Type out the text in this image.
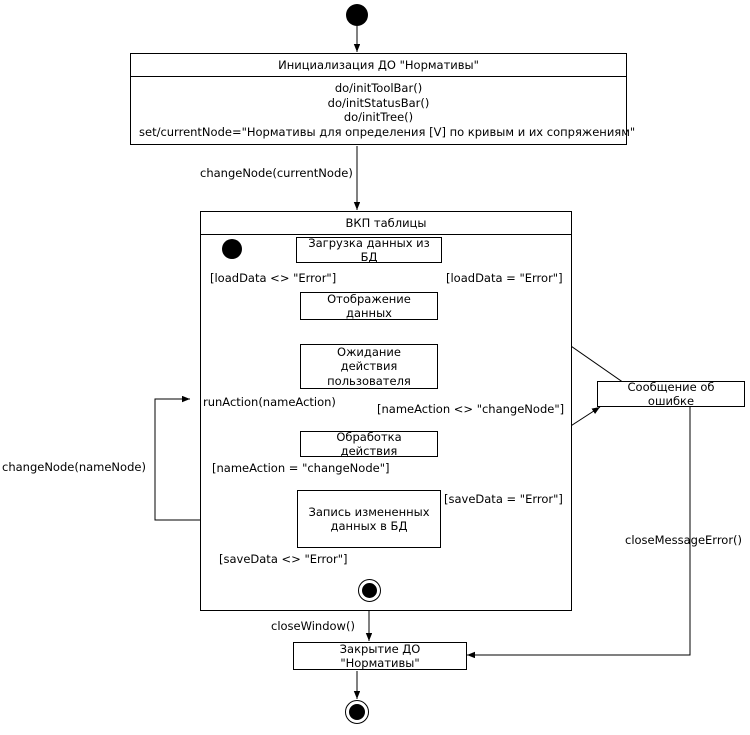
Инициализация ДО "Нормативы"
do/initToolBar()
do/initStatusBar()
do/initTree()
set/currentNode="Нормативы для определения [V] по кривым и их сопряжениям"
ВКП таблицы
Загрузка данных из БД
Отображение данных
Ожидание действия пользователя
Обработка действия
Запись измененных данных в БД
Сообщение об ошибке
Закрытие ДО "Нормативы"
changeNode(currentNode)
[loadData <> "Error"]	[loadData = "Error"]
runAction(nameAction)	[nameAction <> "changeNode"]
[nameAction = "changeNode"]
changeNode(nameNode)
[saveData = "Error"]
[saveData <> "Error"]
closeWindow()
closeMessageError()
